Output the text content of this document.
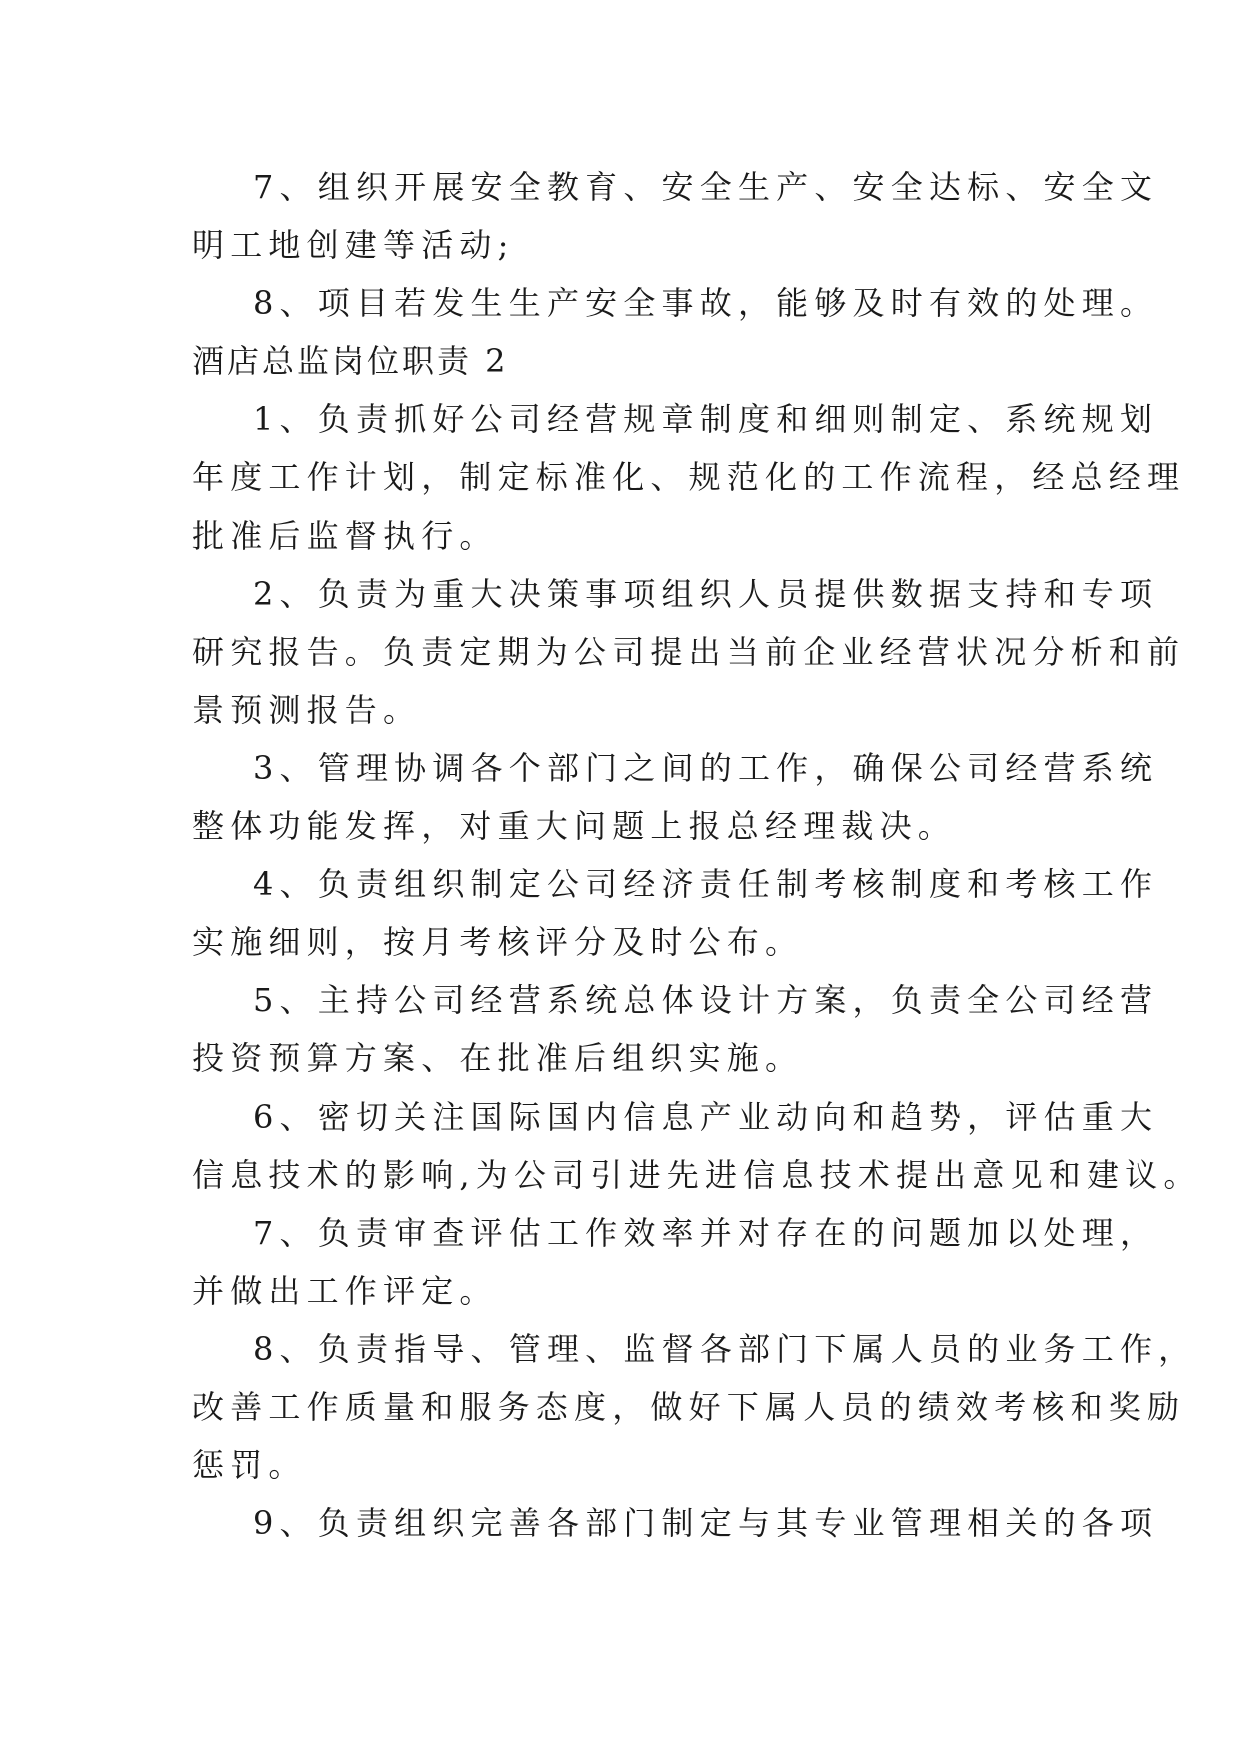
7、组织开展安全教育、安全生产、安全达标、安全文
明工地创建等活动;
8、项目若发生生产安全事故，能够及时有效的处理。
酒店总监岗位职责 2
1、负责抓好公司经营规章制度和细则制定、系统规划
年度工作计划，制定标准化、规范化的工作流程，经总经理
批准后监督执行。
2、负责为重大决策事项组织人员提供数据支持和专项
研究报告。负责定期为公司提出当前企业经营状况分析和前
景预测报告。
3、管理协调各个部门之间的工作，确保公司经营系统
整体功能发挥，对重大问题上报总经理裁决。
4、负责组织制定公司经济责任制考核制度和考核工作
实施细则，按月考核评分及时公布。
5、主持公司经营系统总体设计方案，负责全公司经营
投资预算方案、在批准后组织实施。
6、密切关注国际国内信息产业动向和趋势，评估重大
信息技术的影响,为公司引进先进信息技术提出意见和建议。
7、负责审查评估工作效率并对存在的问题加以处理，
并做出工作评定。
8、负责指导、管理、监督各部门下属人员的业务工作，
改善工作质量和服务态度，做好下属人员的绩效考核和奖励
惩罚。
9、负责组织完善各部门制定与其专业管理相关的各项
